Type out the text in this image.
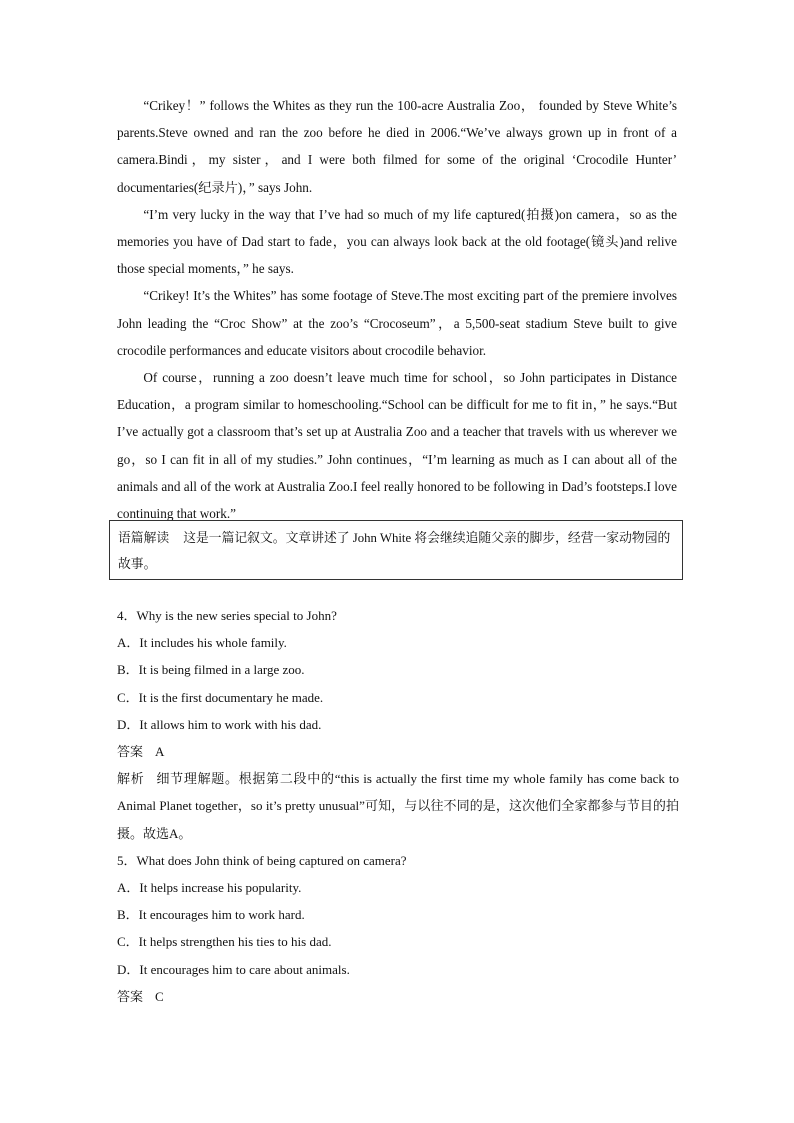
“Crikey！” follows the Whites as they run the 100-acre Australia Zoo， founded by Steve White’s parents.Steve owned and ran the zoo before he died in 2006.“We’ve always grown up in front of a camera.Bindi，my sister，and I were both filmed for some of the original ‘Crocodile Hunter’ documentaries(纪录片)，” says John.

“I’m very lucky in the way that I’ve had so much of my life captured(拍摄)on camera，so as the memories you have of Dad start to fade，you can always look back at the old footage(镜头)and relive those special moments，” he says.

“Crikey! It’s the Whites” has some footage of Steve.The most exciting part of the premiere involves John leading the “Croc Show” at the zoo’s “Crocoseum”，a 5,500-seat stadium Steve built to give crocodile performances and educate visitors about crocodile behavior.

Of course，running a zoo doesn’t leave much time for school，so John participates in Distance Education，a program similar to homeschooling.“School can be difficult for me to fit in，” he says.“But I’ve actually got a classroom that’s set up at Australia Zoo and a teacher that travels with us wherever we go，so I can fit in all of my studies.” John continues，“I’m learning as much as I can about all of the animals and all of the work at Australia Zoo.I feel really honored to be following in Dad’s footsteps.I love continuing that work.”

语篇解读 这是一篇记叙文。文章讲述了 John White 将会继续追随父亲的脚步，经营一家动物园的故事。

4．Why is the new series special to John?

A．It includes his whole family.

B．It is being filmed in a large zoo.

C．It is the first documentary he made.

D．It allows him to work with his dad.

答案 A

解析 细节理解题。根据第二段中的“this is actually the first time my whole family has come back to Animal Planet together，so it’s pretty unusual”可知，与以往不同的是，这次他们全家都参与节目的拍摄。故选A。

5．What does John think of being captured on camera?

A．It helps increase his popularity.

B．It encourages him to work hard.

C．It helps strengthen his ties to his dad.

D．It encourages him to care about animals.

答案 C
